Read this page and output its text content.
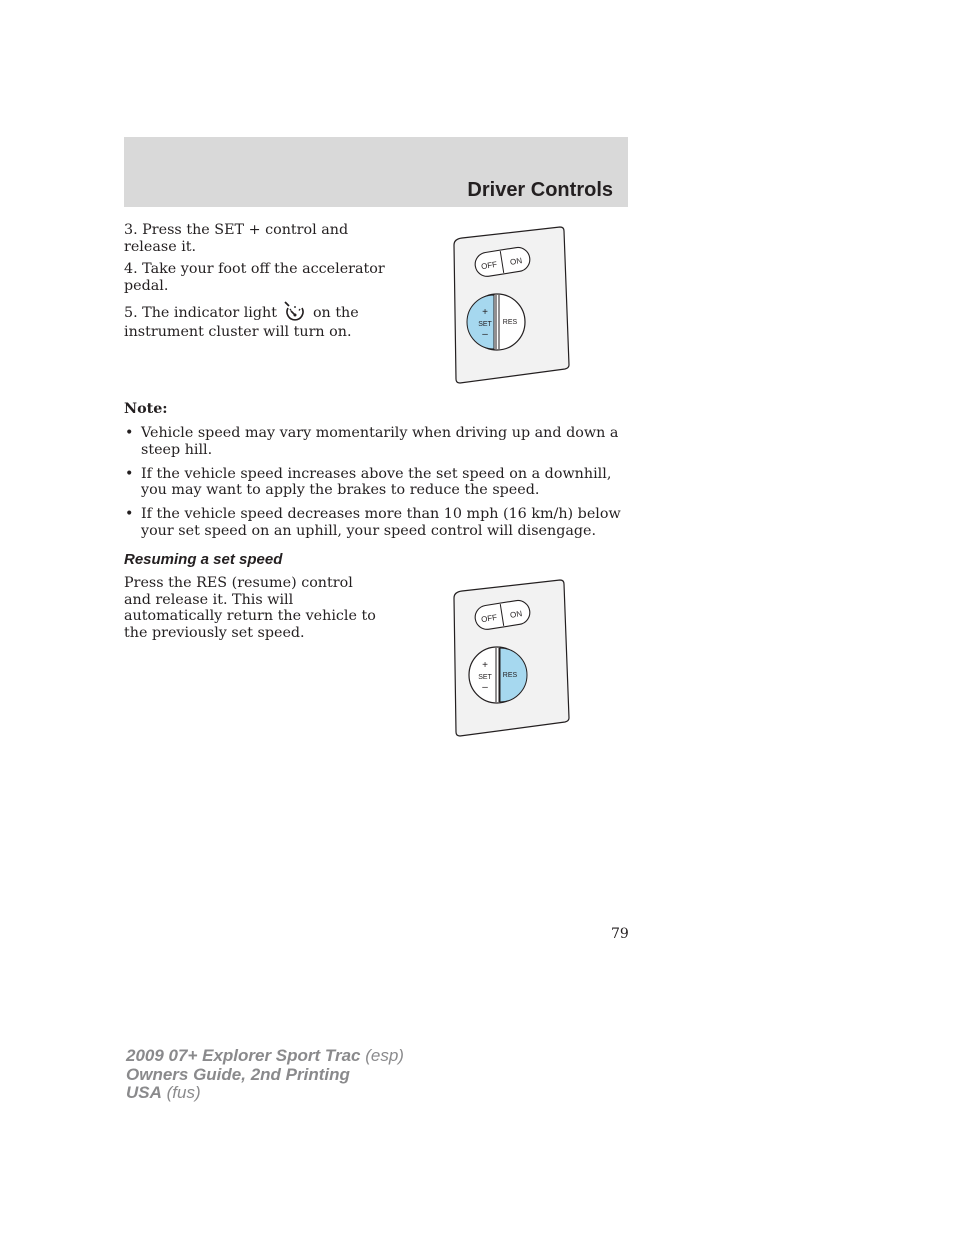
Driver Controls

3. Press the SET + control and release it.

4. Take your foot off the accelerator pedal.

5. The indicator light	on the instrument cluster will turn on.

OFF ON
+
SET
–
RES

Note:

• Vehicle speed may vary momentarily when driving up and down a steep hill.
• If the vehicle speed increases above the set speed on a downhill, you may want to apply the brakes to reduce the speed.
• If the vehicle speed decreases more than 10 mph (16 km/h) below your set speed on an uphill, your speed control will disengage.
Resuming a set speed

Press the RES (resume) control and release it. This will automatically return the vehicle to the previously set speed.

OFF ON
+
SET
–
RES

79

2009 07+ Explorer Sport Trac (esp)
Owners Guide, 2nd Printing
USA (fus)
